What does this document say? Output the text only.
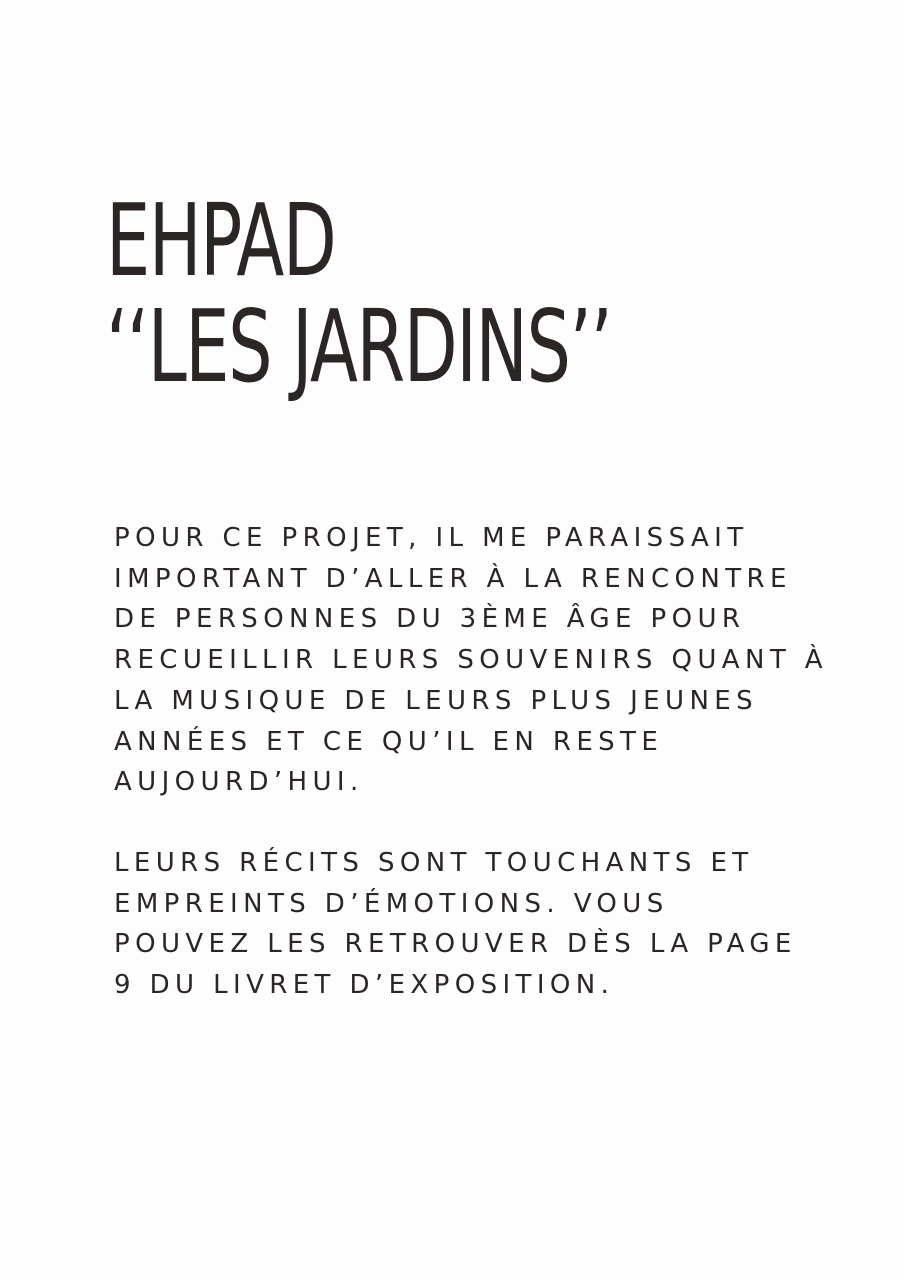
EHPAD
‘‘LES JARDINS’’

POUR CE PROJET, IL ME PARAISSAIT
IMPORTANT D’ALLER À LA RENCONTRE
DE PERSONNES DU 3ÈME ÂGE POUR
RECUEILLIR LEURS SOUVENIRS QUANT À
LA MUSIQUE DE LEURS PLUS JEUNES
ANNÉES ET CE QU’IL EN RESTE
AUJOURD’HUI.

LEURS RÉCITS SONT TOUCHANTS ET
EMPREINTS D’ÉMOTIONS. VOUS
POUVEZ LES RETROUVER DÈS LA PAGE
9 DU LIVRET D’EXPOSITION.
